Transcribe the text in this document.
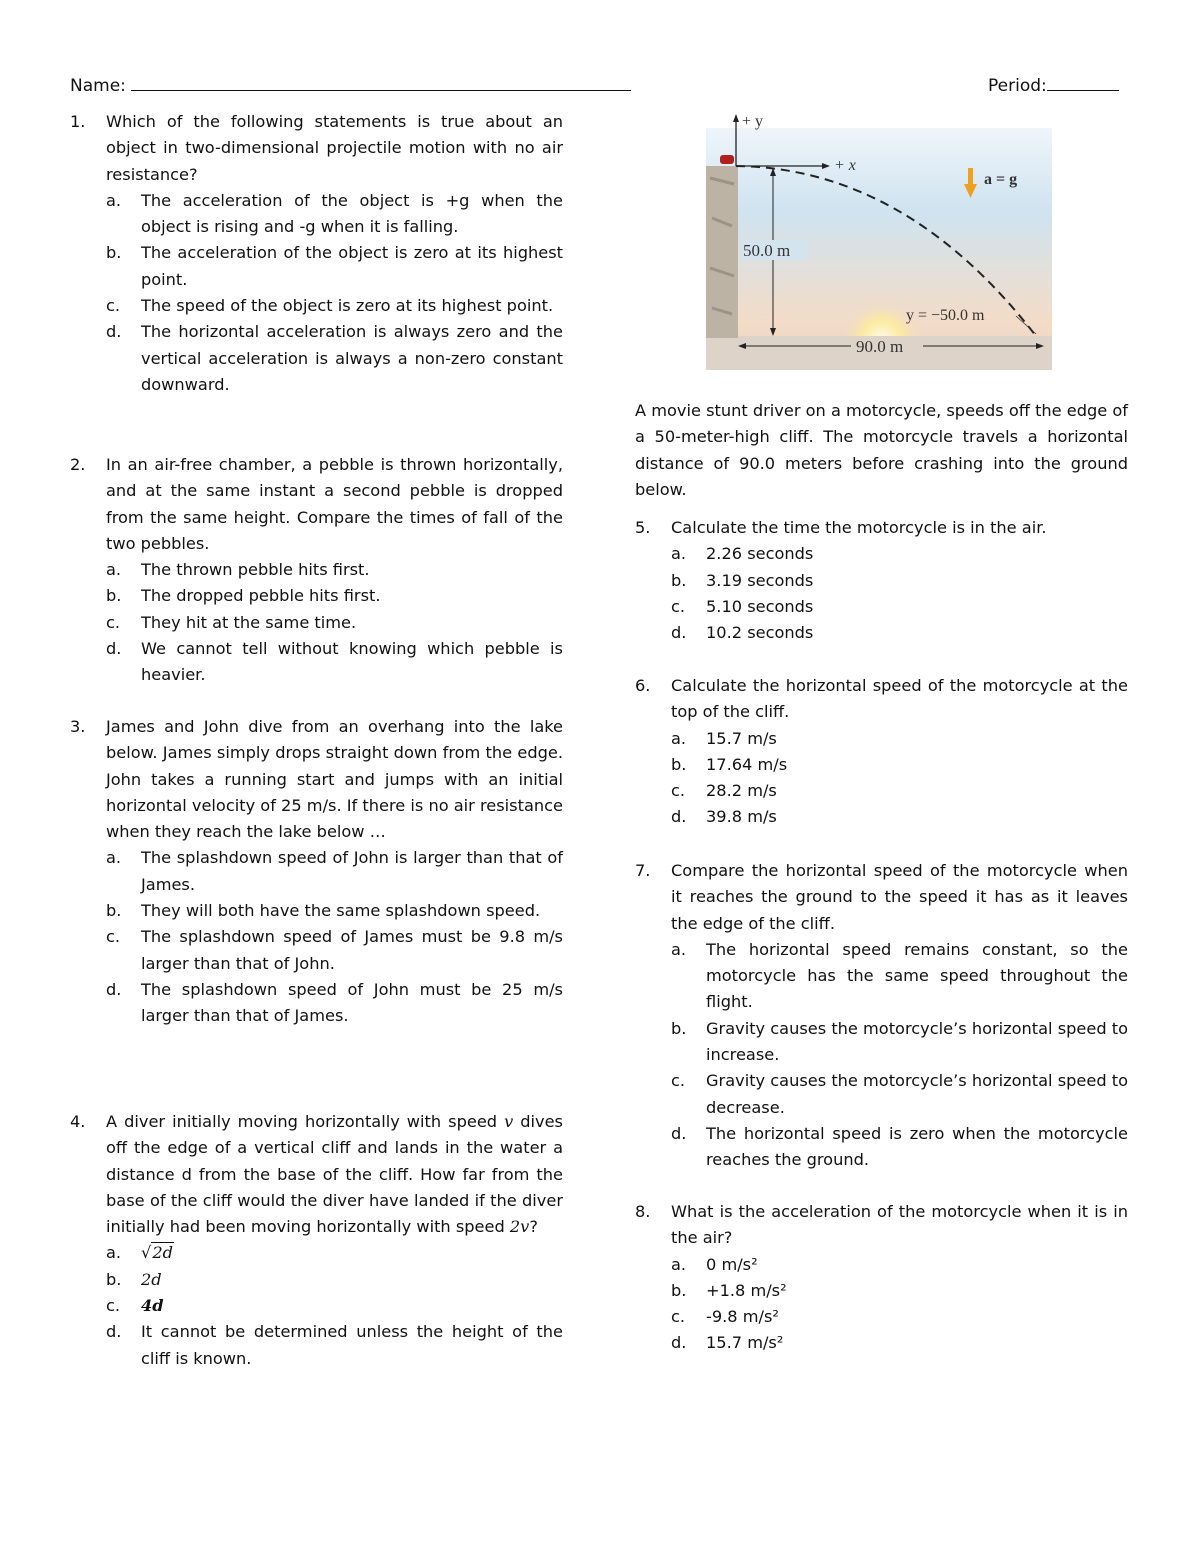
Name:	Period:
1. Which of the following statements is true about an object in two-dimensional projectile motion with no air resistance?
a. The acceleration of the object is +g when the object is rising and -g when it is falling.
b. The acceleration of the object is zero at its highest point.
c. The speed of the object is zero at its highest point.
d. The horizontal acceleration is always zero and the vertical acceleration is always a non-zero constant downward.
2. In an air-free chamber, a pebble is thrown horizontally, and at the same instant a second pebble is dropped from the same height. Compare the times of fall of the two pebbles.
a. The thrown pebble hits first.
b. The dropped pebble hits first.
c. They hit at the same time.
d. We cannot tell without knowing which pebble is heavier.
3. James and John dive from an overhang into the lake below. James simply drops straight down from the edge. John takes a running start and jumps with an initial horizontal velocity of 25 m/s. If there is no air resistance when they reach the lake below …
a. The splashdown speed of John is larger than that of James.
b. They will both have the same splashdown speed.
c. The splashdown speed of James must be 9.8 m/s larger than that of John.
d. The splashdown speed of John must be 25 m/s larger than that of James.
4. A diver initially moving horizontally with speed v dives off the edge of a vertical cliff and lands in the water a distance d from the base of the cliff. How far from the base of the cliff would the diver have landed if the diver initially had been moving horizontally with speed 2v?
a. √2d
b. 2d
c. 4d
d. It cannot be determined unless the height of the cliff is known.
+ y
+ x
a = g
50.0 m
y = −50.0 m
90.0 m
A movie stunt driver on a motorcycle, speeds off the edge of a 50-meter-high cliff. The motorcycle travels a horizontal distance of 90.0 meters before crashing into the ground below.
5. Calculate the time the motorcycle is in the air.
a. 2.26 seconds
b. 3.19 seconds
c. 5.10 seconds
d. 10.2 seconds
6. Calculate the horizontal speed of the motorcycle at the top of the cliff.
a. 15.7 m/s
b. 17.64 m/s
c. 28.2 m/s
d. 39.8 m/s
7. Compare the horizontal speed of the motorcycle when it reaches the ground to the speed it has as it leaves the edge of the cliff.
a. The horizontal speed remains constant, so the motorcycle has the same speed throughout the flight.
b. Gravity causes the motorcycle’s horizontal speed to increase.
c. Gravity causes the motorcycle’s horizontal speed to decrease.
d. The horizontal speed is zero when the motorcycle reaches the ground.
8. What is the acceleration of the motorcycle when it is in the air?
a. 0 m/s²
b. +1.8 m/s²
c. -9.8 m/s²
d. 15.7 m/s²
